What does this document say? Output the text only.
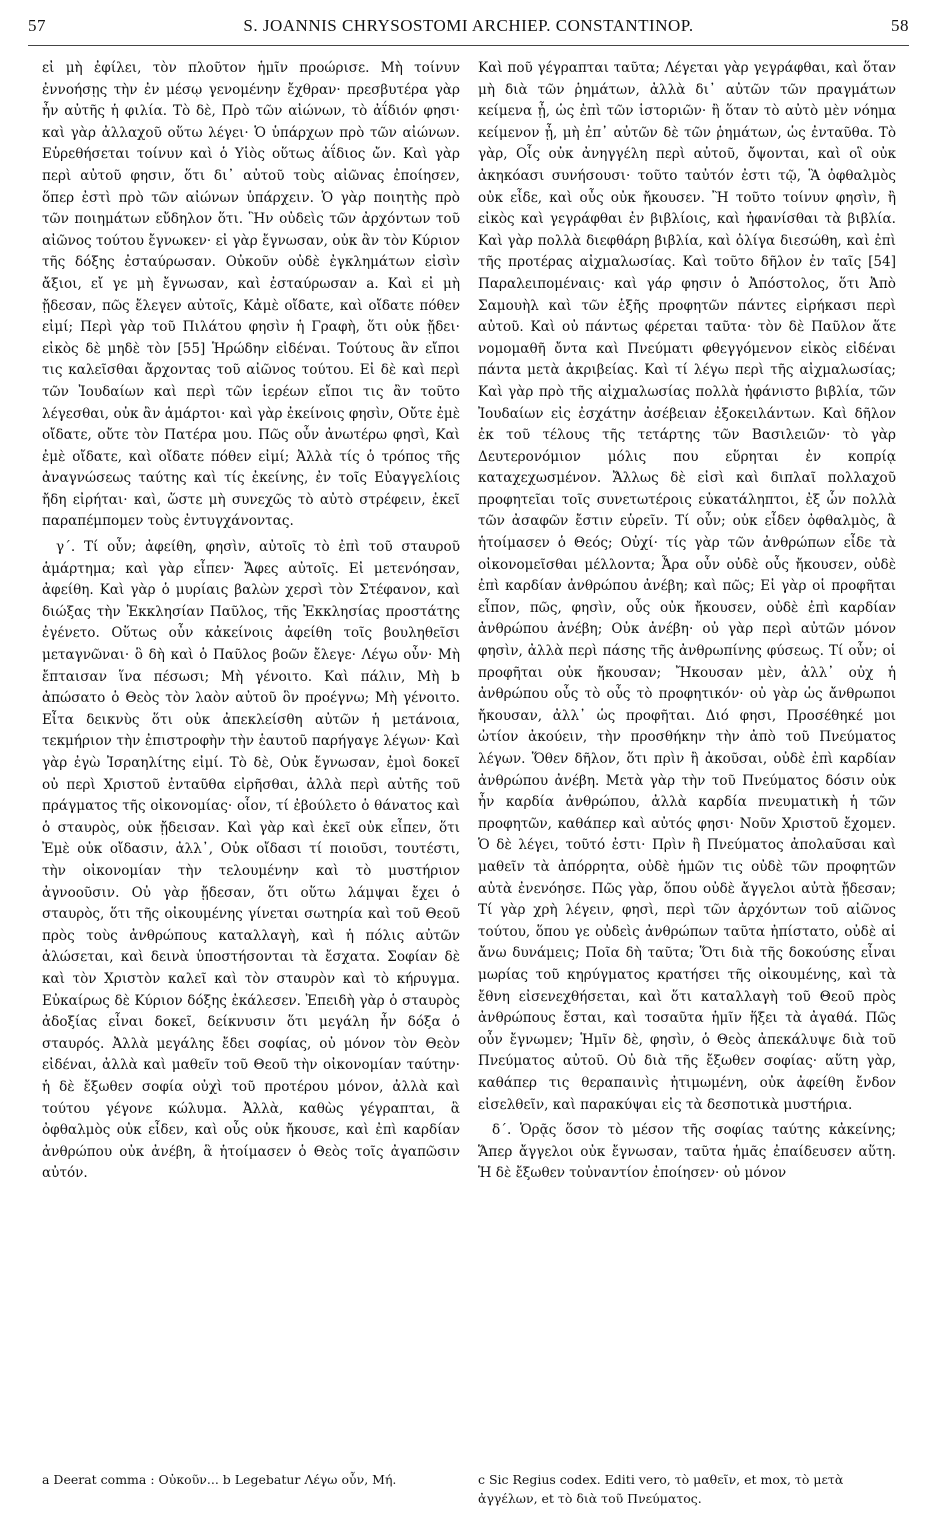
57	S. JOANNIS CHRYSOSTOMI ARCHIEP. CONSTANTINOP.	58

εἰ μὴ ἐφίλει, τὸν πλοῦτον ἡμῖν προώρισε. Μὴ τοίνυν ἐννοήσῃς τὴν ἐν μέσῳ γενομένην ἔχθραν· πρεσβυτέρα γὰρ ἦν αὐτῆς ἡ φιλία. Τὸ δὲ, Πρὸ τῶν αἰώνων, τὸ ἀΐδιόν φησι· καὶ γὰρ ἀλλαχοῦ οὕτω λέγει· Ὁ ὑπάρχων πρὸ τῶν αἰώνων. Εὑρεθήσεται τοίνυν καὶ ὁ Υἱὸς οὕτως ἀΐδιος ὤν. Καὶ γὰρ περὶ αὐτοῦ φησιν, ὅτι δι᾽ αὐτοῦ τοὺς αἰῶνας ἐποίησεν, ὅπερ ἐστὶ πρὸ τῶν αἰώνων ὑπάρχειν. Ὁ γὰρ ποιητὴς πρὸ τῶν ποιημάτων εὔδηλον ὅτι. Ἣν οὐδεὶς τῶν ἀρχόντων τοῦ αἰῶνος τούτου ἔγνωκεν· εἰ γὰρ ἔγνωσαν, οὐκ ἂν τὸν Κύριον τῆς δόξης ἐσταύρωσαν. Οὐκοῦν οὐδὲ ἐγκλημάτων εἰσὶν ἄξιοι, εἴ γε μὴ ἔγνωσαν, καὶ ἐσταύρωσαν a. Καὶ εἰ μὴ ᾔδεσαν, πῶς ἔλεγεν αὐτοῖς, Κἀμὲ οἴδατε, καὶ οἴδατε πόθεν εἰμί; Περὶ γὰρ τοῦ Πιλάτου φησὶν ἡ Γραφὴ, ὅτι οὐκ ᾔδει· εἰκὸς δὲ μηδὲ τὸν [55] Ἡρώδην εἰδέναι. Τούτους ἂν εἴποι τις καλεῖσθαι ἄρχοντας τοῦ αἰῶνος τούτου. Εἰ δὲ καὶ περὶ τῶν Ἰουδαίων καὶ περὶ τῶν ἱερέων εἴποι τις ἂν τοῦτο λέγεσθαι, οὐκ ἂν ἁμάρτοι· καὶ γὰρ ἐκείνοις φησὶν, Οὔτε ἐμὲ οἴδατε, οὔτε τὸν Πατέρα μου. Πῶς οὖν ἀνωτέρω φησὶ, Καὶ ἐμὲ οἴδατε, καὶ οἴδατε πόθεν εἰμί; Ἀλλὰ τίς ὁ τρόπος τῆς ἀναγνώσεως ταύτης καὶ τίς ἐκείνης, ἐν τοῖς Εὐαγγελίοις ἤδη εἰρήται· καὶ, ὥστε μὴ συνεχῶς τὸ αὐτὸ στρέφειν, ἐκεῖ παραπέμπομεν τοὺς ἐντυγχάνοντας.

γ΄. Τί οὖν; ἀφείθη, φησὶν, αὐτοῖς τὸ ἐπὶ τοῦ σταυροῦ ἁμάρτημα; καὶ γὰρ εἶπεν· Ἄφες αὐτοῖς. Εἰ μετενόησαν, ἀφείθη. Καὶ γὰρ ὁ μυρίαις βαλὼν χερσὶ τὸν Στέφανον, καὶ διώξας τὴν Ἐκκλησίαν Παῦλος, τῆς Ἐκκλησίας προστάτης ἐγένετο. Οὕτως οὖν κἀκείνοις ἀφείθη τοῖς βουληθεῖσι μεταγνῶναι· ὃ δὴ καὶ ὁ Παῦλος βοῶν ἔλεγε· Λέγω οὖν· Μὴ ἔπταισαν ἵνα πέσωσι; Μὴ γένοιτο. Καὶ πάλιν, Μὴ b ἀπώσατο ὁ Θεὸς τὸν λαὸν αὐτοῦ ὃν προέγνω; Μὴ γένοιτο. Εἶτα δεικνὺς ὅτι οὐκ ἀπεκλείσθη αὐτῶν ἡ μετάνοια, τεκμήριον τὴν ἐπιστροφὴν τὴν ἑαυτοῦ παρήγαγε λέγων· Καὶ γὰρ ἐγὼ Ἰσραηλίτης εἰμί. Τὸ δὲ, Οὐκ ἔγνωσαν, ἐμοὶ δοκεῖ οὐ περὶ Χριστοῦ ἐνταῦθα εἰρῆσθαι, ἀλλὰ περὶ αὐτῆς τοῦ πράγματος τῆς οἰκονομίας· οἷον, τί ἐβούλετο ὁ θάνατος καὶ ὁ σταυρὸς, οὐκ ᾔδεισαν. Καὶ γὰρ καὶ ἐκεῖ οὐκ εἶπεν, ὅτι Ἐμὲ οὐκ οἴδασιν, ἀλλ᾽, Οὐκ οἴδασι τί ποιοῦσι, τουτέστι, τὴν οἰκονομίαν τὴν τελουμένην καὶ τὸ μυστήριον ἀγνοοῦσιν. Οὐ γὰρ ᾔδεσαν, ὅτι οὕτω λάμψαι ἔχει ὁ σταυρὸς, ὅτι τῆς οἰκουμένης γίνεται σωτηρία καὶ τοῦ Θεοῦ πρὸς τοὺς ἀνθρώπους καταλλαγὴ, καὶ ἡ πόλις αὐτῶν ἁλώσεται, καὶ δεινὰ ὑποστήσονται τὰ ἔσχατα. Σοφίαν δὲ καὶ τὸν Χριστὸν καλεῖ καὶ τὸν σταυρὸν καὶ τὸ κήρυγμα. Εὐκαίρως δὲ Κύριον δόξης ἐκάλεσεν. Ἐπειδὴ γὰρ ὁ σταυρὸς ἀδοξίας εἶναι δοκεῖ, δείκνυσιν ὅτι μεγάλη ἦν δόξα ὁ σταυρός. Ἀλλὰ μεγάλης ἔδει σοφίας, οὐ μόνον τὸν Θεὸν εἰδέναι, ἀλλὰ καὶ μαθεῖν τοῦ Θεοῦ τὴν οἰκονομίαν ταύτην· ἡ δὲ ἔξωθεν σοφία οὐχὶ τοῦ προτέρου μόνον, ἀλλὰ καὶ τούτου γέγονε κώλυμα. Ἀλλὰ, καθὼς γέγραπται, ἃ ὀφθαλμὸς οὐκ εἶδεν, καὶ οὖς οὐκ ἤκουσε, καὶ ἐπὶ καρδίαν ἀνθρώπου οὐκ ἀνέβη, ἃ ἡτοίμασεν ὁ Θεὸς τοῖς ἀγαπῶσιν αὐτόν.

Καὶ ποῦ γέγραπται ταῦτα; Λέγεται γὰρ γεγράφθαι, καὶ ὅταν μὴ διὰ τῶν ῥημάτων, ἀλλὰ δι᾽ αὐτῶν τῶν πραγμάτων κείμενα ᾖ, ὡς ἐπὶ τῶν ἱστοριῶν· ἢ ὅταν τὸ αὐτὸ μὲν νόημα κείμενον ᾖ, μὴ ἐπ᾽ αὐτῶν δὲ τῶν ῥημάτων, ὡς ἐνταῦθα. Τὸ γὰρ, Οἷς οὐκ ἀνηγγέλη περὶ αὐτοῦ, ὄψονται, καὶ οἳ οὐκ ἀκηκόασι συνήσουσι· τοῦτο ταὐτόν ἐστι τῷ, Ἃ ὀφθαλμὸς οὐκ εἶδε, καὶ οὖς οὐκ ἤκουσεν. Ἢ τοῦτο τοίνυν φησὶν, ἢ εἰκὸς καὶ γεγράφθαι ἐν βιβλίοις, καὶ ἠφανίσθαι τὰ βιβλία. Καὶ γὰρ πολλὰ διεφθάρη βιβλία, καὶ ὀλίγα διεσώθη, καὶ ἐπὶ τῆς προτέρας αἰχμαλωσίας. Καὶ τοῦτο δῆλον ἐν ταῖς [54] Παραλειπομέναις· καὶ γάρ φησιν ὁ Ἀπόστολος, ὅτι Ἀπὸ Σαμουὴλ καὶ τῶν ἑξῆς προφητῶν πάντες εἰρήκασι περὶ αὐτοῦ. Καὶ οὐ πάντως φέρεται ταῦτα· τὸν δὲ Παῦλον ἅτε νομομαθῆ ὄντα καὶ Πνεύματι φθεγγόμενον εἰκὸς εἰδέναι πάντα μετὰ ἀκριβείας. Καὶ τί λέγω περὶ τῆς αἰχμαλωσίας; Καὶ γὰρ πρὸ τῆς αἰχμαλωσίας πολλὰ ἠφάνιστο βιβλία, τῶν Ἰουδαίων εἰς ἐσχάτην ἀσέβειαν ἐξοκειλάντων. Καὶ δῆλον ἐκ τοῦ τέλους τῆς τετάρτης τῶν Βασιλειῶν· τὸ γὰρ Δευτερονόμιον μόλις που εὕρηται ἐν κοπρίᾳ καταχεχωσμένον. Ἄλλως δὲ εἰσὶ καὶ διπλαῖ πολλαχοῦ προφητεῖαι τοῖς συνετωτέροις εὐκατάληπτοι, ἐξ ὧν πολλὰ τῶν ἀσαφῶν ἔστιν εὑρεῖν. Τί οὖν; οὐκ εἶδεν ὀφθαλμὸς, ἃ ἡτοίμασεν ὁ Θεός; Οὐχί· τίς γὰρ τῶν ἀνθρώπων εἶδε τὰ οἰκονομεῖσθαι μέλλοντα; Ἆρα οὖν οὐδὲ οὖς ἤκουσεν, οὐδὲ ἐπὶ καρδίαν ἀνθρώπου ἀνέβη; καὶ πῶς; Εἰ γὰρ οἱ προφῆται εἶπον, πῶς, φησὶν, οὖς οὐκ ἤκουσεν, οὐδὲ ἐπὶ καρδίαν ἀνθρώπου ἀνέβη; Οὐκ ἀνέβη· οὐ γὰρ περὶ αὐτῶν μόνον φησὶν, ἀλλὰ περὶ πάσης τῆς ἀνθρωπίνης φύσεως. Τί οὖν; οἱ προφῆται οὐκ ἤκουσαν; Ἤκουσαν μὲν, ἀλλ᾽ οὐχ ἡ ἀνθρώπου οὖς τὸ οὖς τὸ προφητικόν· οὐ γὰρ ὡς ἄνθρωποι ἤκουσαν, ἀλλ᾽ ὡς προφῆται. Διό φησι, Προσέθηκέ μοι ὠτίον ἀκούειν, τὴν προσθήκην τὴν ἀπὸ τοῦ Πνεύματος λέγων. Ὅθεν δῆλον, ὅτι πρὶν ἢ ἀκοῦσαι, οὐδὲ ἐπὶ καρδίαν ἀνθρώπου ἀνέβη. Μετὰ γὰρ τὴν τοῦ Πνεύματος δόσιν οὐκ ἦν καρδία ἀνθρώπου, ἀλλὰ καρδία πνευματικὴ ἡ τῶν προφητῶν, καθάπερ καὶ αὐτός φησι· Νοῦν Χριστοῦ ἔχομεν. Ὁ δὲ λέγει, τοῦτό ἐστι· Πρὶν ἢ Πνεύματος ἀπολαῦσαι καὶ μαθεῖν τὰ ἀπόρρητα, οὐδὲ ἡμῶν τις οὐδὲ τῶν προφητῶν αὐτὰ ἐνενόησε. Πῶς γὰρ, ὅπου οὐδὲ ἄγγελοι αὐτὰ ᾔδεσαν; Τί γὰρ χρὴ λέγειν, φησὶ, περὶ τῶν ἀρχόντων τοῦ αἰῶνος τούτου, ὅπου γε οὐδεὶς ἀνθρώπων ταῦτα ἠπίστατο, οὐδὲ αἱ ἄνω δυνάμεις; Ποῖα δὴ ταῦτα; Ὅτι διὰ τῆς δοκούσης εἶναι μωρίας τοῦ κηρύγματος κρατήσει τῆς οἰκουμένης, καὶ τὰ ἔθνη εἰσενεχθήσεται, καὶ ὅτι καταλλαγὴ τοῦ Θεοῦ πρὸς ἀνθρώπους ἔσται, καὶ τοσαῦτα ἡμῖν ἥξει τὰ ἀγαθά. Πῶς οὖν ἔγνωμεν; Ἡμῖν δὲ, φησὶν, ὁ Θεὸς ἀπεκάλυψε διὰ τοῦ Πνεύματος αὐτοῦ. Οὐ διὰ τῆς ἔξωθεν σοφίας· αὕτη γὰρ, καθάπερ τις θεραπαινὶς ἠτιμωμένη, οὐκ ἀφείθη ἔνδον εἰσελθεῖν, καὶ παρακύψαι εἰς τὰ δεσποτικὰ μυστήρια.

δ΄. Ὁρᾷς ὅσον τὸ μέσον τῆς σοφίας ταύτης κἀκείνης; Ἅπερ ἄγγελοι οὐκ ἔγνωσαν, ταῦτα ἡμᾶς ἐπαίδευσεν αὕτη. Ἡ δὲ ἔξωθεν τοὐναντίον ἐποίησεν· οὐ μόνον

a Deerat comma : Οὐκοῦν... b Legebatur Λέγω οὖν, Μή.	c Sic Regius codex. Editi vero, τὸ μαθεῖν, et mox, τὸ μετὰ ἀγγέλων, et τὸ διὰ τοῦ Πνεύματος.
